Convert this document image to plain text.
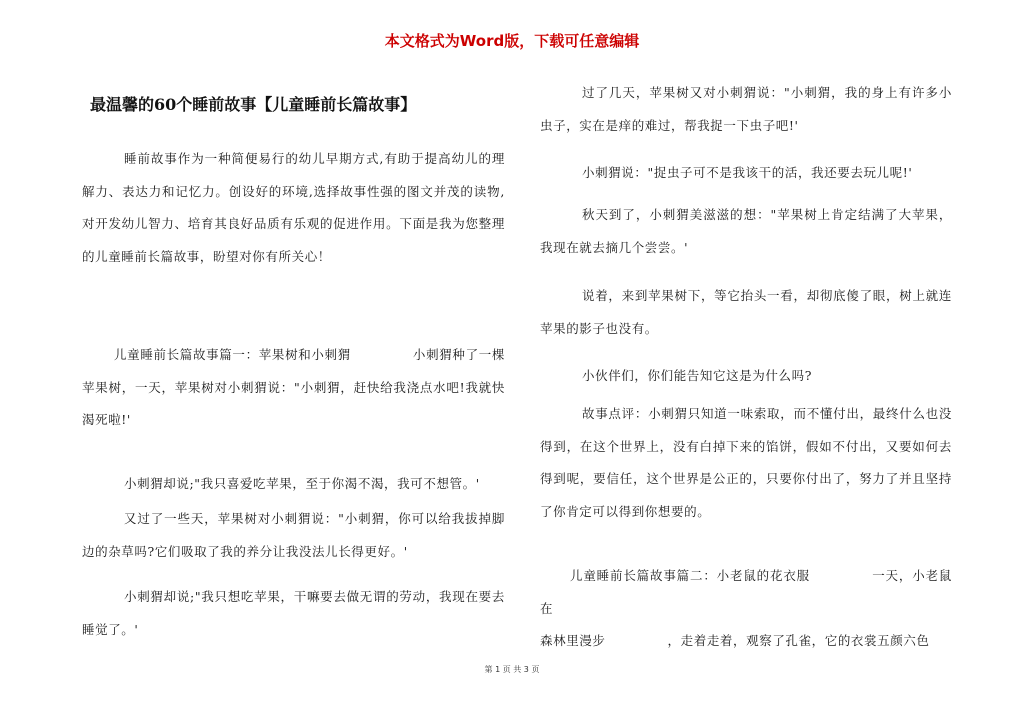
本文格式为Word版，下载可任意编辑
最温馨的60个睡前故事【儿童睡前长篇故事】

睡前故事作为一种简便易行的幼儿早期方式,有助于提高幼儿的理解力、表达力和记忆力。创设好的环境,选择故事性强的图文并茂的读物,对开发幼儿智力、培育其良好品质有乐观的促进作用。下面是我为您整理的儿童睡前长篇故事，盼望对你有所关心！

儿童睡前长篇故事篇一：苹果树和小刺猬	小刺猬种了一棵苹果树，一天，苹果树对小刺猬说："小刺猬，赶快给我浇点水吧!我就快渴死啦!'

小刺猬却说;"我只喜爱吃苹果，至于你渴不渴，我可不想管。'

又过了一些天，苹果树对小刺猬说："小刺猬，你可以给我拔掉脚边的杂草吗?它们吸取了我的养分让我没法儿长得更好。'

小刺猬却说;"我只想吃苹果，干嘛要去做无谓的劳动，我现在要去睡觉了。'

过了几天，苹果树又对小刺猬说："小刺猬，我的身上有许多小虫子，实在是痒的难过，帮我捉一下虫子吧!'

小刺猬说："捉虫子可不是我该干的活，我还要去玩儿呢!'

秋天到了，小刺猬美滋滋的想："苹果树上肯定结满了大苹果，我现在就去摘几个尝尝。'

说着，来到苹果树下，等它抬头一看，却彻底傻了眼，树上就连苹果的影子也没有。

小伙伴们，你们能告知它这是为什么吗?

故事点评：小刺猬只知道一味索取，而不懂付出，最终什么也没得到，在这个世界上，没有白掉下来的馅饼，假如不付出，又要如何去得到呢，要信任，这个世界是公正的，只要你付出了，努力了并且坚持了你肯定可以得到你想要的。

儿童睡前长篇故事篇二：小老鼠的花衣服	一天，小老鼠在
森林里漫步	，走着走着，观察了孔雀，它的衣裳五颜六色

第 1 页 共 3 页
